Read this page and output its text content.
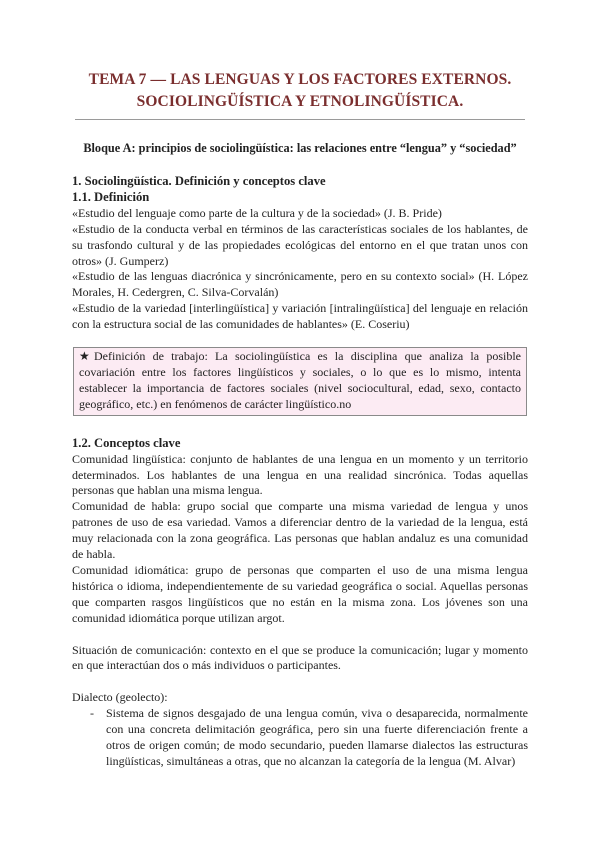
TEMA 7 — LAS LENGUAS Y LOS FACTORES EXTERNOS.
SOCIOLINGÜÍSTICA Y ETNOLINGÜÍSTICA.
Bloque A: principios de sociolingüística: las relaciones entre “lengua” y “sociedad”

1. Sociolingüística. Definición y conceptos clave

1.1. Definición

«Estudio del lenguaje como parte de la cultura y de la sociedad» (J. B. Pride)

«Estudio de la conducta verbal en términos de las características sociales de los hablantes, de su trasfondo cultural y de las propiedades ecológicas del entorno en el que tratan unos con otros» (J. Gumperz)

«Estudio de las lenguas diacrónica y sincrónicamente, pero en su contexto social» (H. López Morales, H. Cedergren, C. Silva-Corvalán)

«Estudio de la variedad [interlingüística] y variación [intralingüística] del lenguaje en relación con la estructura social de las comunidades de hablantes» (E. Coseriu)

★Definición de trabajo: La sociolingüística es la disciplina que analiza la posible covariación entre los factores lingüísticos y sociales, o lo que es lo mismo, intenta establecer la importancia de factores sociales (nivel sociocultural, edad, sexo, contacto geográfico, etc.) en fenómenos de carácter lingüístico.no

1.2. Conceptos clave

Comunidad lingüística: conjunto de hablantes de una lengua en un momento y un territorio determinados. Los hablantes de una lengua en una realidad sincrónica. Todas aquellas personas que hablan una misma lengua.

Comunidad de habla: grupo social que comparte una misma variedad de lengua y unos patrones de uso de esa variedad. Vamos a diferenciar dentro de la variedad de la lengua, está muy relacionada con la zona geográfica. Las personas que hablan andaluz es una comunidad de habla.

Comunidad idiomática: grupo de personas que comparten el uso de una misma lengua histórica o idioma, independientemente de su variedad geográfica o social. Aquellas personas que comparten rasgos lingüísticos que no están en la misma zona. Los jóvenes son una comunidad idiomática porque utilizan argot.

Situación de comunicación: contexto en el que se produce la comunicación; lugar y momento en que interactúan dos o más individuos o participantes.

Dialecto (geolecto):

-	Sistema de signos desgajado de una lengua común, viva o desaparecida, normalmente con una concreta delimitación geográfica, pero sin una fuerte diferenciación frente a otros de origen común; de modo secundario, pueden llamarse dialectos las estructuras lingüísticas, simultáneas a otras, que no alcanzan la categoría de la lengua (M. Alvar)
